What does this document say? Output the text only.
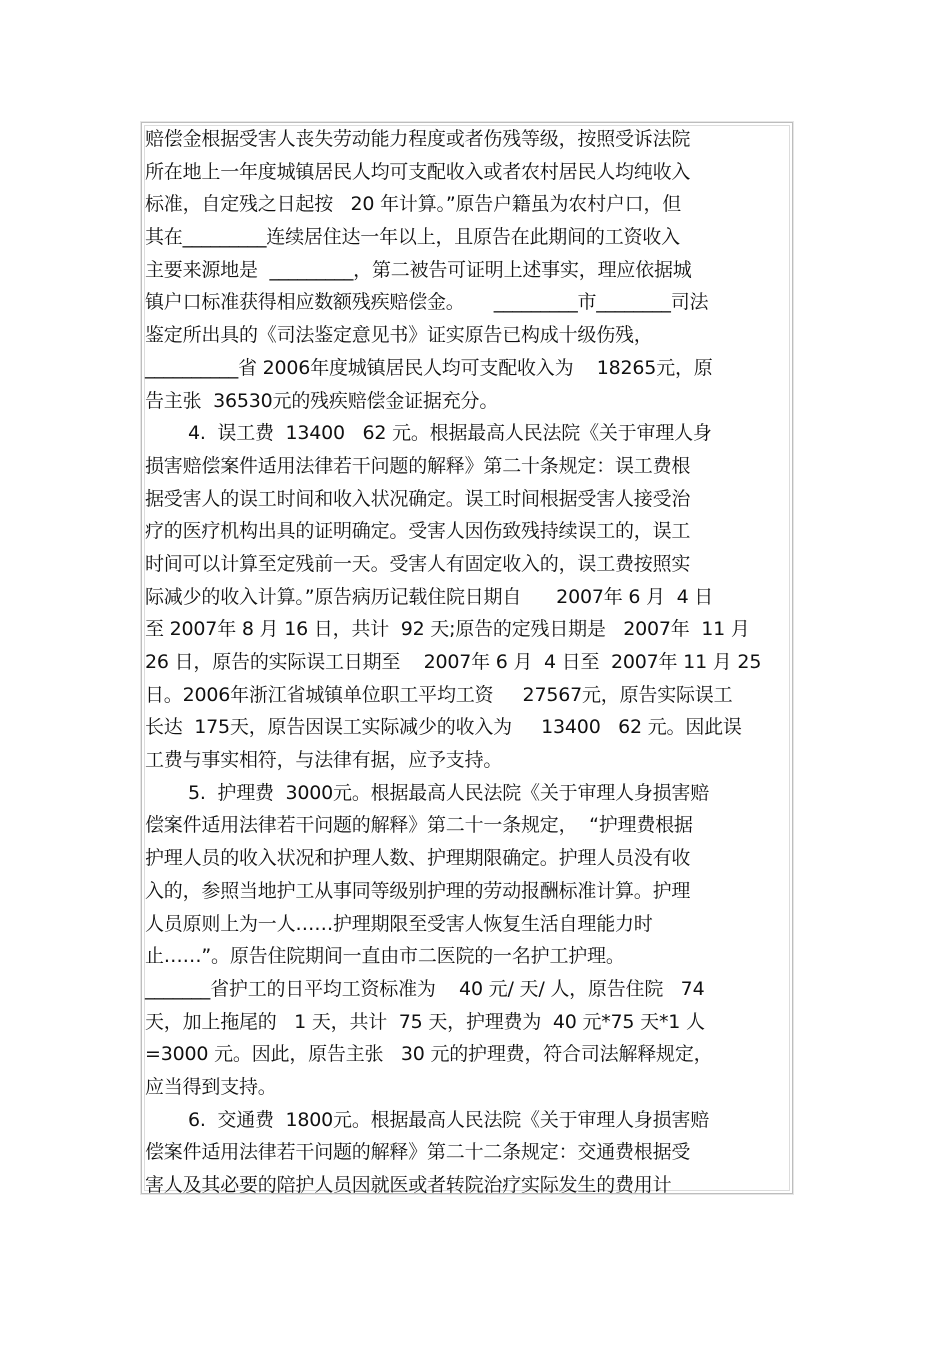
赔偿金根据受害人丧失劳动能力程度或者伤残等级，按照受诉法院
所在地上一年度城镇居民人均可支配收入或者农村居民人均纯收入
标准，自定残之日起按   20 年计算。”原告户籍虽为农村户口，但
其在_________连续居住达一年以上，且原告在此期间的工资收入
主要来源地是  _________，第二被告可证明上述事实，理应依据城
镇户口标准获得相应数额残疾赔偿金。     _________市________司法
鉴定所出具的《司法鉴定意见书》证实原告已构成十级伤残，
__________省 2006年度城镇居民人均可支配收入为    18265元，原
告主张  36530元的残疾赔偿金证据充分。
4.  误工费  13400   62 元。根据最高人民法院《关于审理人身
损害赔偿案件适用法律若干问题的解释》第二十条规定：误工费根
据受害人的误工时间和收入状况确定。误工时间根据受害人接受治
疗的医疗机构出具的证明确定。受害人因伤致残持续误工的，误工
时间可以计算至定残前一天。受害人有固定收入的，误工费按照实
际减少的收入计算。”原告病历记载住院日期自      2007年 6 月  4 日
至 2007年 8 月 16 日，共计  92 天;原告的定残日期是   2007年  11 月
26 日，原告的实际误工日期至    2007年 6 月  4 日至  2007年 11 月 25
日。2006年浙江省城镇单位职工平均工资     27567元，原告实际误工
长达  175天，原告因误工实际减少的收入为     13400   62 元。因此误
工费与事实相符，与法律有据，应予支持。
5.  护理费  3000元。根据最高人民法院《关于审理人身损害赔
偿案件适用法律若干问题的解释》第二十一条规定，  “护理费根据
护理人员的收入状况和护理人数、护理期限确定。护理人员没有收
入的，参照当地护工从事同等级别护理的劳动报酬标准计算。护理
人员原则上为一人……护理期限至受害人恢复生活自理能力时
止……”。原告住院期间一直由市二医院的一名护工护理。
_______省护工的日平均工资标准为    40 元/ 天/ 人，原告住院   74
天，加上拖尾的   1 天，共计  75 天，护理费为  40 元*75 天*1 人
=3000 元。因此，原告主张   30 元的护理费，符合司法解释规定，
应当得到支持。
6.  交通费  1800元。根据最高人民法院《关于审理人身损害赔
偿案件适用法律若干问题的解释》第二十二条规定：交通费根据受
害人及其必要的陪护人员因就医或者转院治疗实际发生的费用计
